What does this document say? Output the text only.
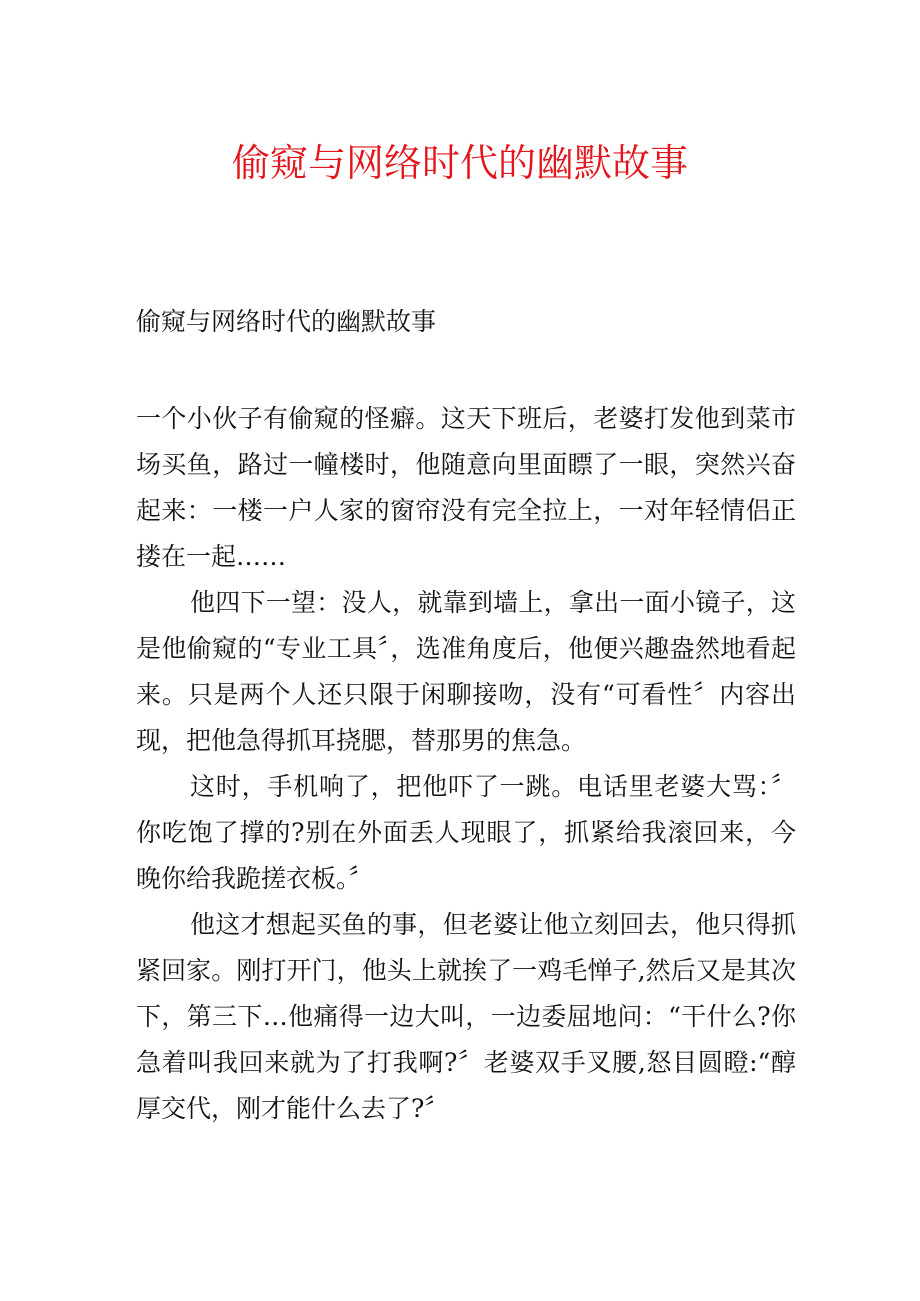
偷窥与网络时代的幽默故事
偷窥与网络时代的幽默故事

一个小伙子有偷窥的怪癖。这天下班后，老婆打发他到菜市场买鱼，路过一幢楼时，他随意向里面瞟了一眼，突然兴奋起来：一楼一户人家的窗帘没有完全拉上，一对年轻情侣正搂在一起……

他四下一望：没人，就靠到墙上，拿出一面小镜子，这是他偷窥的“专业工具〞，选准角度后，他便兴趣盎然地看起来。只是两个人还只限于闲聊接吻，没有“可看性〞内容出现，把他急得抓耳挠腮，替那男的焦急。

这时，手机响了，把他吓了一跳。电话里老婆大骂：〞你吃饱了撑的?别在外面丢人现眼了，抓紧给我滚回来，今晚你给我跪搓衣板。〞

他这才想起买鱼的事，但老婆让他立刻回去，他只得抓紧回家。刚打开门，他头上就挨了一鸡毛惮子,然后又是其次下，第三下…他痛得一边大叫，一边委屈地问：“干什么?你急着叫我回来就为了打我啊?〞老婆双手叉腰,怒目圆瞪:“醇厚交代，刚才能什么去了?〞
